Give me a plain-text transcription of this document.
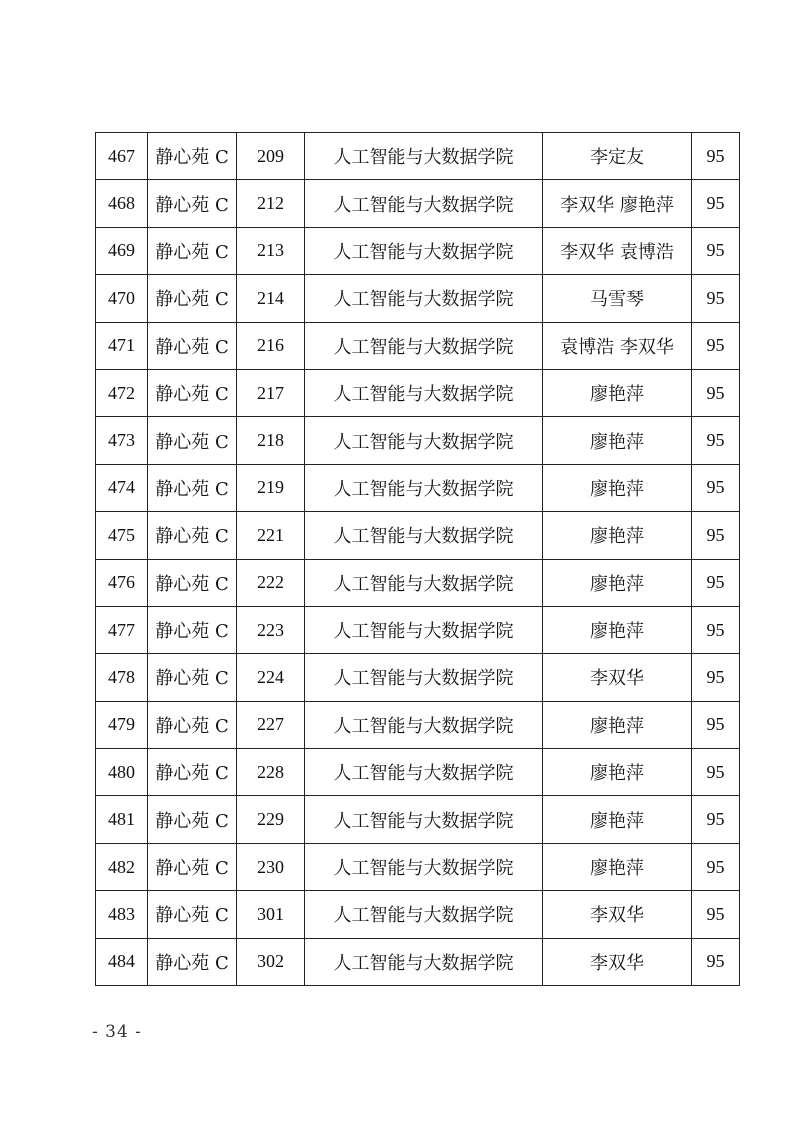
467	静心苑 C	209	人工智能与大数据学院	李定友	95
468	静心苑 C	212	人工智能与大数据学院	李双华 廖艳萍	95
469	静心苑 C	213	人工智能与大数据学院	李双华 袁博浩	95
470	静心苑 C	214	人工智能与大数据学院	马雪琴	95
471	静心苑 C	216	人工智能与大数据学院	袁博浩 李双华	95
472	静心苑 C	217	人工智能与大数据学院	廖艳萍	95
473	静心苑 C	218	人工智能与大数据学院	廖艳萍	95
474	静心苑 C	219	人工智能与大数据学院	廖艳萍	95
475	静心苑 C	221	人工智能与大数据学院	廖艳萍	95
476	静心苑 C	222	人工智能与大数据学院	廖艳萍	95
477	静心苑 C	223	人工智能与大数据学院	廖艳萍	95
478	静心苑 C	224	人工智能与大数据学院	李双华	95
479	静心苑 C	227	人工智能与大数据学院	廖艳萍	95
480	静心苑 C	228	人工智能与大数据学院	廖艳萍	95
481	静心苑 C	229	人工智能与大数据学院	廖艳萍	95
482	静心苑 C	230	人工智能与大数据学院	廖艳萍	95
483	静心苑 C	301	人工智能与大数据学院	李双华	95
484	静心苑 C	302	人工智能与大数据学院	李双华	95
- 34 -
